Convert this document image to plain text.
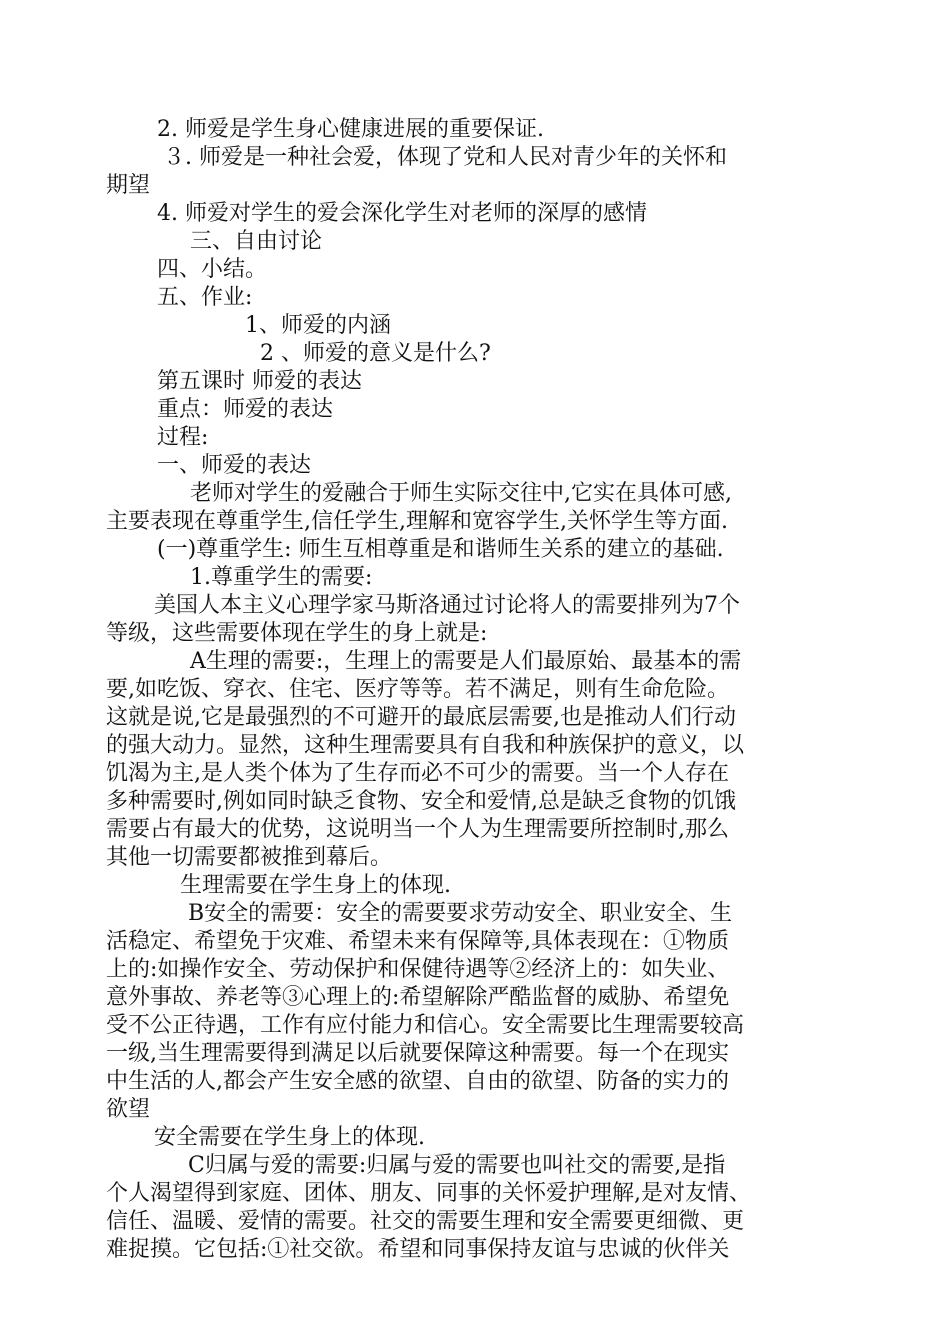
2. 师爱是学生身心健康进展的重要保证.

３. 师爱是一种社会爱，体现了党和人民对青少年的关怀和

期望

4. 师爱对学生的爱会深化学生对老师的深厚的感情

三、自由讨论

四、小结。

五、作业:

1、师爱的内涵

2 、师爱的意义是什么?

第五课时 师爱的表达

重点：师爱的表达

过程:

一、师爱的表达

老师对学生的爱融合于师生实际交往中,它实在具体可感,

主要表现在尊重学生,信任学生,理解和宽容学生,关怀学生等方面.

(一)尊重学生: 师生互相尊重是和谐师生关系的建立的基础.

1.尊重学生的需要:

美国人本主义心理学家马斯洛通过讨论将人的需要排列为7个

等级，这些需要体现在学生的身上就是:

A生理的需要:，生理上的需要是人们最原始、最基本的需

要,如吃饭、穿衣、住宅、医疗等等。若不满足，则有生命危险。

这就是说,它是最强烈的不可避开的最底层需要,也是推动人们行动

的强大动力。显然，这种生理需要具有自我和种族保护的意义，以

饥渴为主,是人类个体为了生存而必不可少的需要。当一个人存在

多种需要时,例如同时缺乏食物、安全和爱情,总是缺乏食物的饥饿

需要占有最大的优势，这说明当一个人为生理需要所控制时,那么

其他一切需要都被推到幕后。

生理需要在学生身上的体现.

B安全的需要：安全的需要要求劳动安全、职业安全、生

活稳定、希望免于灾难、希望未来有保障等,具体表现在：①物质

上的:如操作安全、劳动保护和保健待遇等②经济上的：如失业、

意外事故、养老等③心理上的:希望解除严酷监督的威胁、希望免

受不公正待遇，工作有应付能力和信心。安全需要比生理需要较高

一级,当生理需要得到满足以后就要保障这种需要。每一个在现实

中生活的人,都会产生安全感的欲望、自由的欲望、防备的实力的

欲望

安全需要在学生身上的体现.

C归属与爱的需要:归属与爱的需要也叫社交的需要,是指

个人渴望得到家庭、团体、朋友、同事的关怀爱护理解,是对友情、

信任、温暖、爱情的需要。社交的需要生理和安全需要更细微、更

难捉摸。它包括:①社交欲。希望和同事保持友谊与忠诚的伙伴关
